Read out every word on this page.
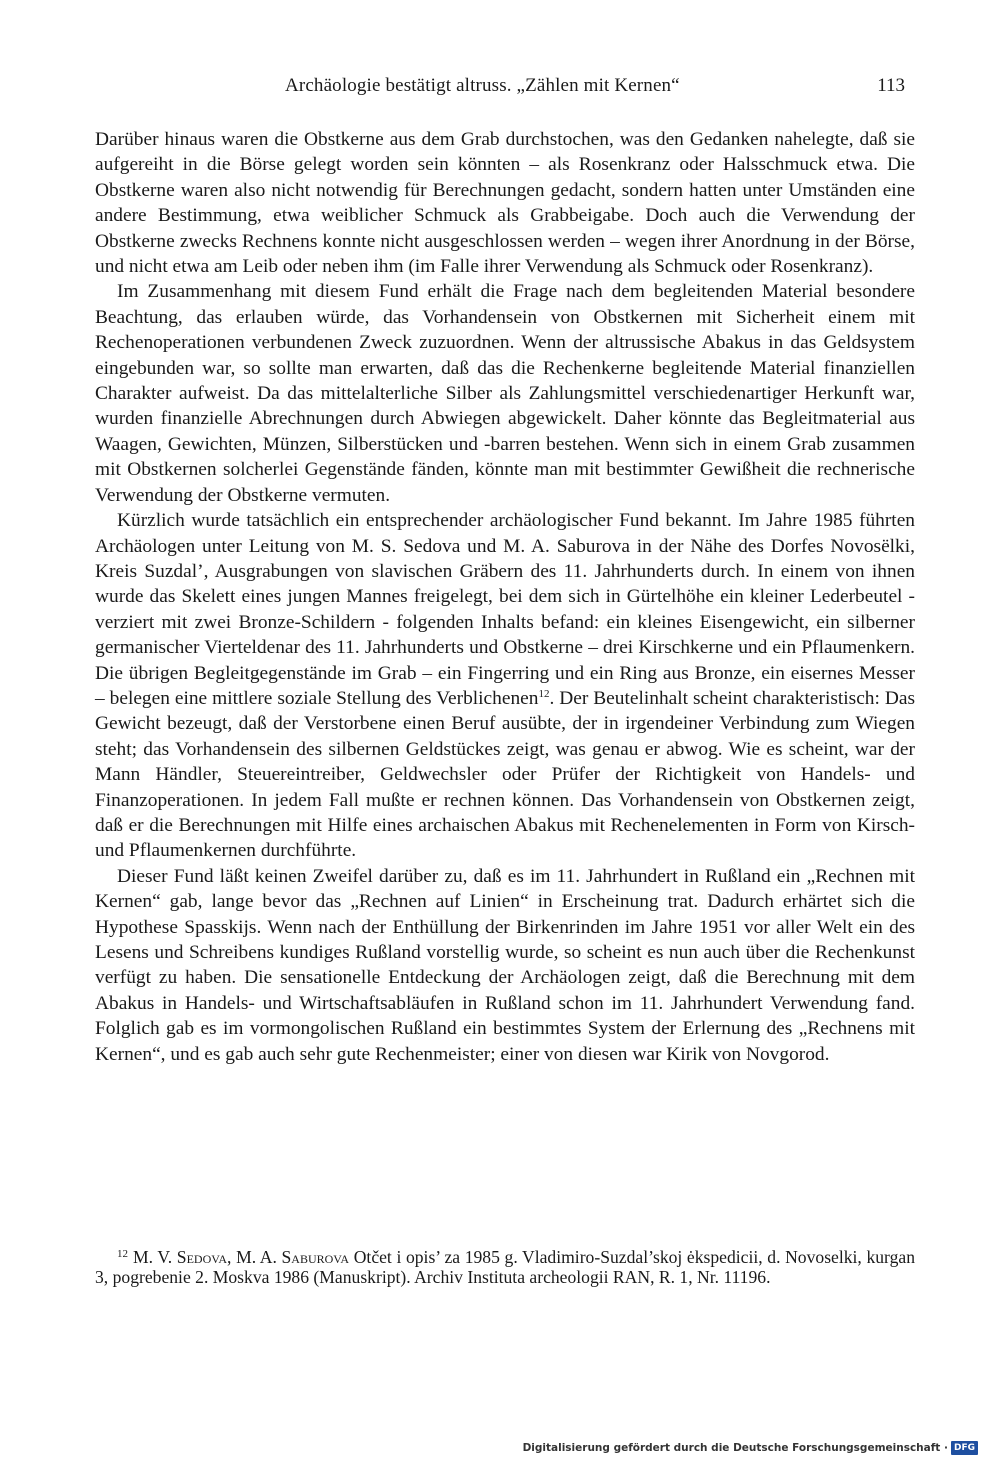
Archäologie bestätigt altruss. „Zählen mit Kernen“	113

Darüber hinaus waren die Obstkerne aus dem Grab durchstochen, was den Gedanken nahelegte, daß sie aufgereiht in die Börse gelegt worden sein könnten – als Rosenkranz oder Halsschmuck etwa. Die Obstkerne waren also nicht notwendig für Berechnungen gedacht, sondern hatten unter Umständen eine andere Bestimmung, etwa weiblicher Schmuck als Grabbeigabe. Doch auch die Verwendung der Obstkerne zwecks Rechnens konnte nicht ausgeschlossen werden – wegen ihrer Anordnung in der Börse, und nicht etwa am Leib oder neben ihm (im Falle ihrer Verwendung als Schmuck oder Rosenkranz).

Im Zusammenhang mit diesem Fund erhält die Frage nach dem begleitenden Material besondere Beachtung, das erlauben würde, das Vorhandensein von Obstkernen mit Sicherheit einem mit Rechenoperationen verbundenen Zweck zuzuordnen. Wenn der altrussische Abakus in das Geldsystem eingebunden war, so sollte man erwarten, daß das die Rechenkerne begleitende Material finanziellen Charakter aufweist. Da das mittelalterliche Silber als Zahlungsmittel verschiedenartiger Herkunft war, wurden finanzielle Abrechnungen durch Abwiegen abgewickelt. Daher könnte das Begleitmaterial aus Waagen, Gewichten, Münzen, Silberstücken und -barren bestehen. Wenn sich in einem Grab zusammen mit Obstkernen solcherlei Gegenstände fänden, könnte man mit bestimmter Gewißheit die rechnerische Verwendung der Obstkerne vermuten.

Kürzlich wurde tatsächlich ein entsprechender archäologischer Fund bekannt. Im Jahre 1985 führten Archäologen unter Leitung von M. S. Sedova und M. A. Saburova in der Nähe des Dorfes Novosëlki, Kreis Suzdal’, Ausgrabungen von slavischen Gräbern des 11. Jahrhunderts durch. In einem von ihnen wurde das Skelett eines jungen Mannes freigelegt, bei dem sich in Gürtelhöhe ein kleiner Lederbeutel - verziert mit zwei Bronze-Schildern - folgenden Inhalts befand: ein kleines Eisengewicht, ein silberner germanischer Vierteldenar des 11. Jahrhunderts und Obstkerne – drei Kirschkerne und ein Pflaumenkern. Die übrigen Begleitgegenstände im Grab – ein Fingerring und ein Ring aus Bronze, ein eisernes Messer – belegen eine mittlere soziale Stellung des Verblichenen$^{12}$. Der Beutelinhalt scheint charakteristisch: Das Gewicht bezeugt, daß der Verstorbene einen Beruf ausübte, der in irgendeiner Verbindung zum Wiegen steht; das Vorhandensein des silbernen Geldstückes zeigt, was genau er abwog. Wie es scheint, war der Mann Händler, Steuereintreiber, Geldwechsler oder Prüfer der Richtigkeit von Handels- und Finanzoperationen. In jedem Fall mußte er rechnen können. Das Vorhandensein von Obstkernen zeigt, daß er die Berechnungen mit Hilfe eines archaischen Abakus mit Rechenelementen in Form von Kirsch- und Pflaumenkernen durchführte.

Dieser Fund läßt keinen Zweifel darüber zu, daß es im 11. Jahrhundert in Rußland ein „Rechnen mit Kernen“ gab, lange bevor das „Rechnen auf Linien“ in Erscheinung trat. Dadurch erhärtet sich die Hypothese Spasskijs. Wenn nach der Enthüllung der Birkenrinden im Jahre 1951 vor aller Welt ein des Lesens und Schreibens kundiges Rußland vorstellig wurde, so scheint es nun auch über die Rechenkunst verfügt zu haben. Die sensationelle Entdeckung der Archäologen zeigt, daß die Berechnung mit dem Abakus in Handels- und Wirtschaftsabläufen in Rußland schon im 11. Jahrhundert Verwendung fand. Folglich gab es im vormongolischen Rußland ein bestimmtes System der Erlernung des „Rechnens mit Kernen“, und es gab auch sehr gute Rechenmeister; einer von diesen war Kirik von Novgorod.

$^{12}$ M. V. Sedova, M. A. Saburova Otčet i opis’ za 1985 g. Vladimiro-Suzdal’skoj ėkspedicii, d. Novoselki, kurgan 3, pogrebenie 2. Moskva 1986 (Manuskript). Archiv Instituta archeologii RAN, R. 1, Nr. 11196.
Digitalisierung gefördert durch die Deutsche Forschungsgemeinschaft · DFG
